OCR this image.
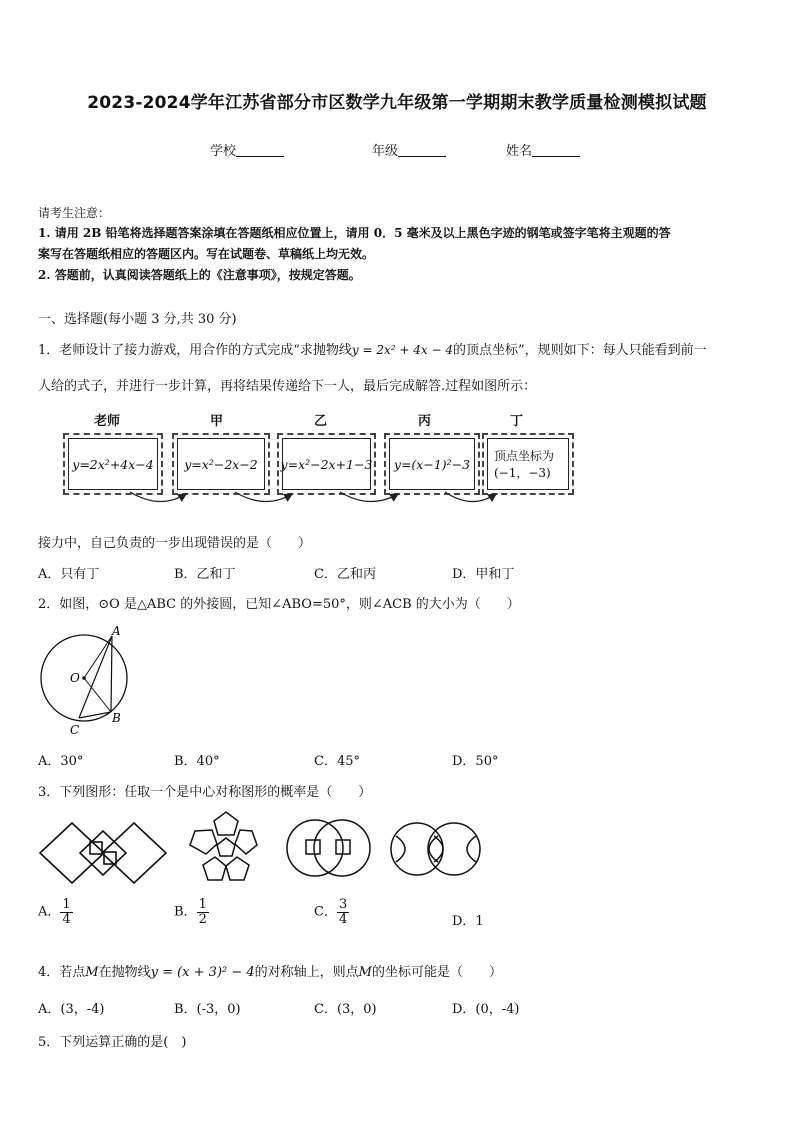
2023-2024学年江苏省部分市区数学九年级第一学期期末教学质量检测模拟试题
学校	年级	姓名
请考生注意：
1. 请用 2B 铅笔将选择题答案涂填在答题纸相应位置上，请用 0．5 毫米及以上黑色字迹的钢笔或签字笔将主观题的答
案写在答题纸相应的答题区内。写在试题卷、草稿纸上均无效。
2. 答题前，认真阅读答题纸上的《注意事项》，按规定答题。
一、选择题(每小题 3 分,共 30 分)
1．老师设计了接力游戏，用合作的方式完成“求抛物线y = 2x² + 4x − 4的顶点坐标”，规则如下：每人只能看到前一
人给的式子，并进行一步计算，再将结果传递给下一人，最后完成解答.过程如图所示：
老师	甲	乙	丙	丁
y=2x²+4x−4	y=x²−2x−2	y=x²−2x+1−3	y=(x−1)²−3
顶点坐标为
(−1，−3)
接力中，自己负责的一步出现错误的是（　　）
A．只有丁	B．乙和丁	C．乙和丙	D．甲和丁
2．如图，⊙O 是△ABC 的外接圆，已知∠ABO=50°，则∠ACB 的大小为（　　）
A
B
C
O
A．30°	B．40°	C．45°	D．50°
3．下列图形：任取一个是中心对称图形的概率是（　　）
A． $\frac{1}{4}$	B． $\frac{1}{2}$	C． $\frac{3}{4}$	D．1
4．若点M在抛物线y = (x + 3)² − 4的对称轴上，则点M的坐标可能是（　　）
A．(3，-4)	B．(-3，0)	C．(3，0)	D．(0，-4)
5．下列运算正确的是(　)
